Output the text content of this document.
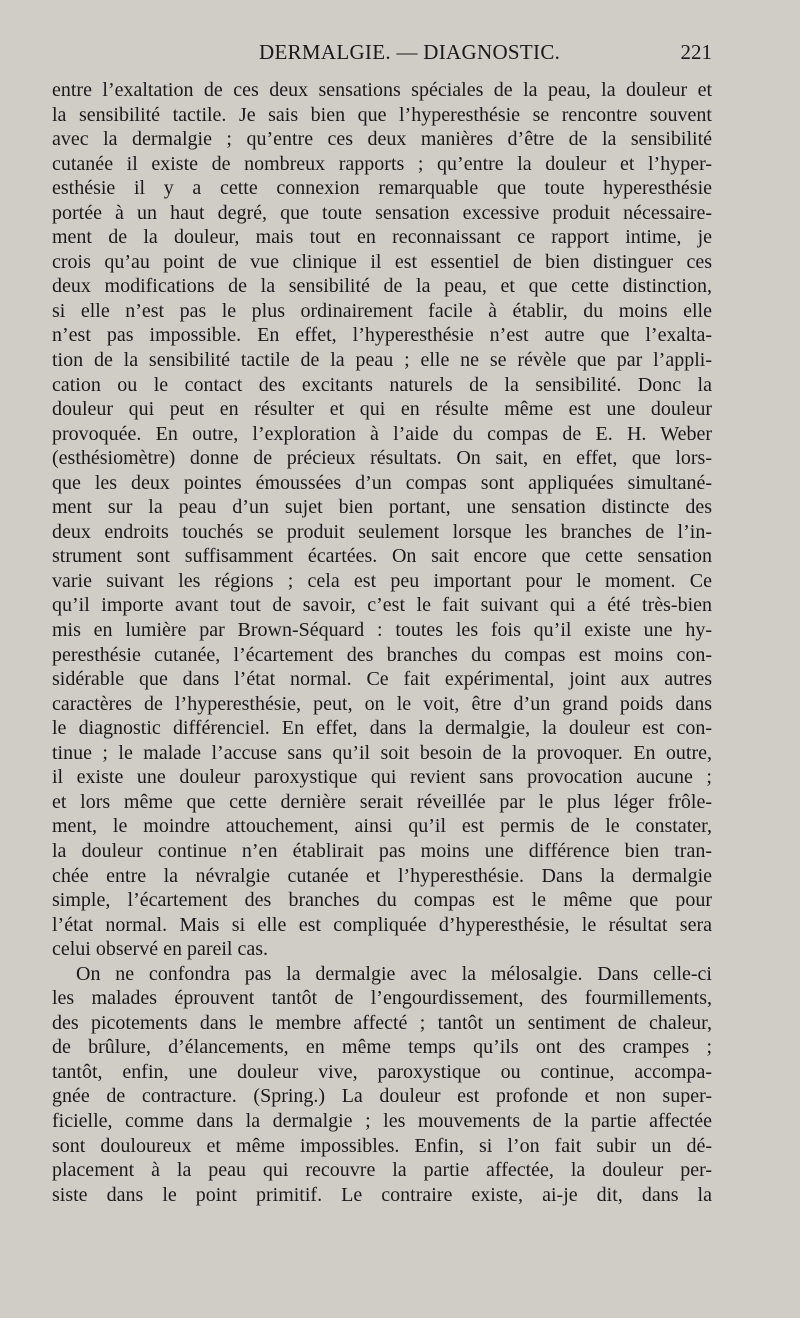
DERMALGIE. — DIAGNOSTIC.	221
entre l’exaltation de ces deux sensations spéciales de la peau, la douleur et
la sensibilité tactile. Je sais bien que l’hyperesthésie se rencontre souvent
avec la dermalgie ; qu’entre ces deux manières d’être de la sensibilité
cutanée il existe de nombreux rapports ; qu’entre la douleur et l’hyper-
esthésie il y a cette connexion remarquable que toute hyperesthésie
portée à un haut degré, que toute sensation excessive produit nécessaire-
ment de la douleur, mais tout en reconnaissant ce rapport intime, je
crois qu’au point de vue clinique il est essentiel de bien distinguer ces
deux modifications de la sensibilité de la peau, et que cette distinction,
si elle n’est pas le plus ordinairement facile à établir, du moins elle
n’est pas impossible. En effet, l’hyperesthésie n’est autre que l’exalta-
tion de la sensibilité tactile de la peau ; elle ne se révèle que par l’appli-
cation ou le contact des excitants naturels de la sensibilité. Donc la
douleur qui peut en résulter et qui en résulte même est une douleur
provoquée. En outre, l’exploration à l’aide du compas de E. H. Weber
(esthésiomètre) donne de précieux résultats. On sait, en effet, que lors-
que les deux pointes émoussées d’un compas sont appliquées simultané-
ment sur la peau d’un sujet bien portant, une sensation distincte des
deux endroits touchés se produit seulement lorsque les branches de l’in-
strument sont suffisamment écartées. On sait encore que cette sensation
varie suivant les régions ; cela est peu important pour le moment. Ce
qu’il importe avant tout de savoir, c’est le fait suivant qui a été très-bien
mis en lumière par Brown-Séquard : toutes les fois qu’il existe une hy-
peresthésie cutanée, l’écartement des branches du compas est moins con-
sidérable que dans l’état normal. Ce fait expérimental, joint aux autres
caractères de l’hyperesthésie, peut, on le voit, être d’un grand poids dans
le diagnostic différenciel. En effet, dans la dermalgie, la douleur est con-
tinue ; le malade l’accuse sans qu’il soit besoin de la provoquer. En outre,
il existe une douleur paroxystique qui revient sans provocation aucune ;
et lors même que cette dernière serait réveillée par le plus léger frôle-
ment, le moindre attouchement, ainsi qu’il est permis de le constater,
la douleur continue n’en établirait pas moins une différence bien tran-
chée entre la névralgie cutanée et l’hyperesthésie. Dans la dermalgie
simple, l’écartement des branches du compas est le même que pour
l’état normal. Mais si elle est compliquée d’hyperesthésie, le résultat sera
celui observé en pareil cas.
On ne confondra pas la dermalgie avec la mélosalgie. Dans celle-ci
les malades éprouvent tantôt de l’engourdissement, des fourmillements,
des picotements dans le membre affecté ; tantôt un sentiment de chaleur,
de brûlure, d’élancements, en même temps qu’ils ont des crampes ;
tantôt, enfin, une douleur vive, paroxystique ou continue, accompa-
gnée de contracture. (Spring.) La douleur est profonde et non super-
ficielle, comme dans la dermalgie ; les mouvements de la partie affectée
sont douloureux et même impossibles. Enfin, si l’on fait subir un dé-
placement à la peau qui recouvre la partie affectée, la douleur per-
siste dans le point primitif. Le contraire existe, ai-je dit, dans la
